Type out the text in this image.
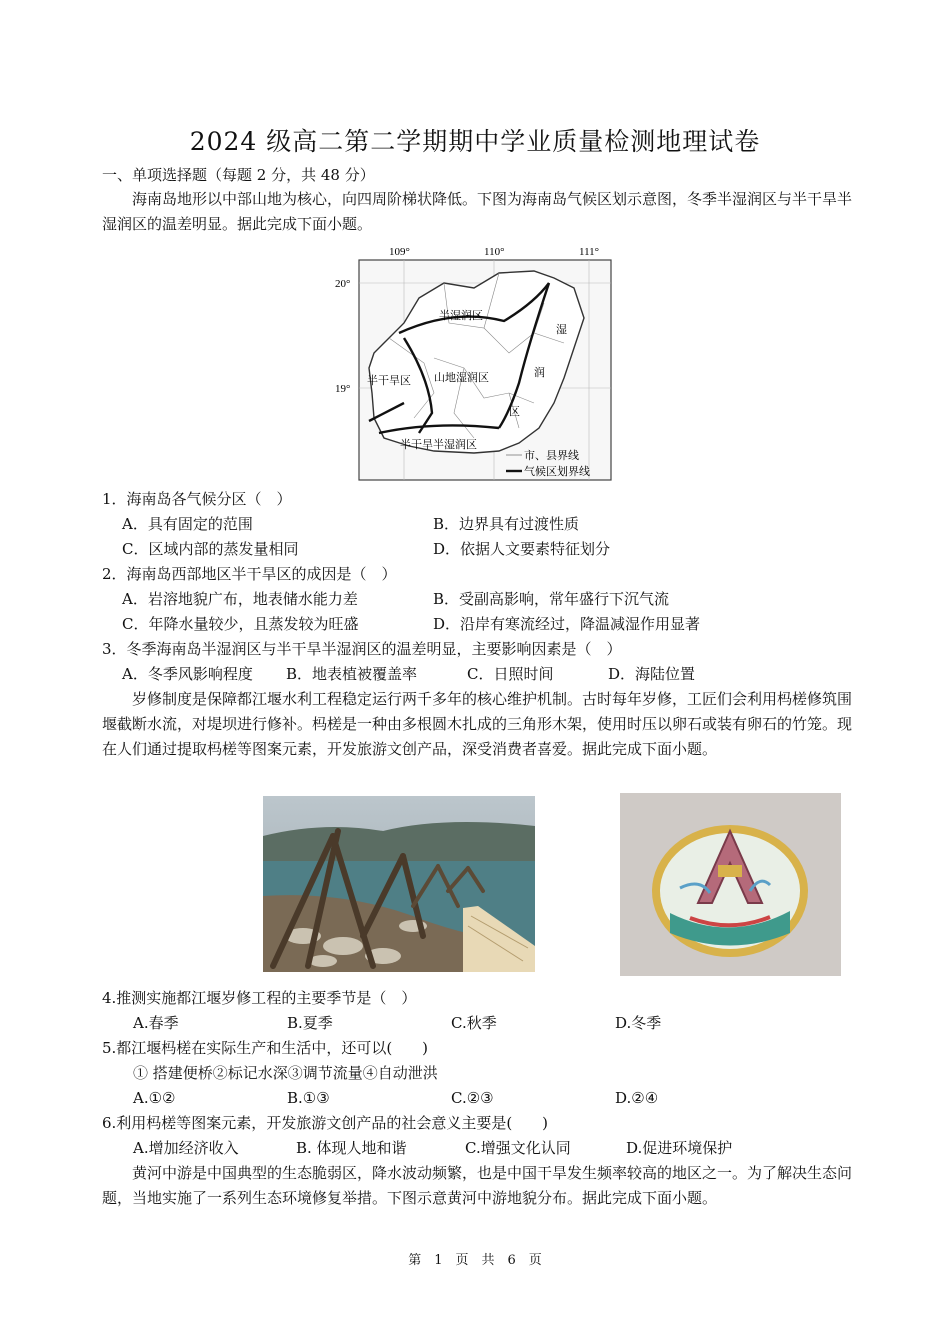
2024 级高二第二学期期中学业质量检测地理试卷
一、单项选择题（每题 2 分，共 48 分）
海南岛地形以中部山地为核心，向四周阶梯状降低。下图为海南岛气候区划示意图，冬季半湿润区与半干旱半湿润区的温差明显。据此完成下面小题。
109°	110°	111°
20°
19°
半湿润区
山地湿润区
半干旱区
半干旱半湿润区
湿
润
区
市、县界线
气候区划界线
1．海南岛各气候分区（　）
A．具有固定的范围	B．边界具有过渡性质
C．区域内部的蒸发量相同	D．依据人文要素特征划分
2．海南岛西部地区半干旱区的成因是（　）
A．岩溶地貌广布，地表储水能力差	B．受副高影响，常年盛行下沉气流
C．年降水量较少，且蒸发较为旺盛	D．沿岸有寒流经过，降温减湿作用显著
3．冬季海南岛半湿润区与半干旱半湿润区的温差明显，主要影响因素是（　）
A．冬季风影响程度 B．地表植被覆盖率	C．日照时间	D．海陆位置
岁修制度是保障都江堰水利工程稳定运行两千多年的核心维护机制。古时每年岁修，工匠们会利用杩槎修筑围堰截断水流，对堤坝进行修补。杩槎是一种由多根圆木扎成的三角形木架，使用时压以卵石或装有卵石的竹笼。现在人们通过提取杩槎等图案元素，开发旅游文创产品，深受消费者喜爱。据此完成下面小题。
4.推测实施都江堰岁修工程的主要季节是（　）
A.春季	B.夏季	C.秋季	D.冬季
5.都江堰杩槎在实际生产和生活中，还可以(　　)
① 搭建便桥②标记水深③调节流量④自动泄洪
A.①②	B.①③	C.②③	D.②④
6.利用杩槎等图案元素，开发旅游文创产品的社会意义主要是(　　)
A.增加经济收入	B. 体现人地和谐	C.增强文化认同	D.促进环境保护
黄河中游是中国典型的生态脆弱区，降水波动频繁，也是中国干旱发生频率较高的地区之一。为了解决生态问题，当地实施了一系列生态环境修复举措。下图示意黄河中游地貌分布。据此完成下面小题。
第　1　页　共　6　页
